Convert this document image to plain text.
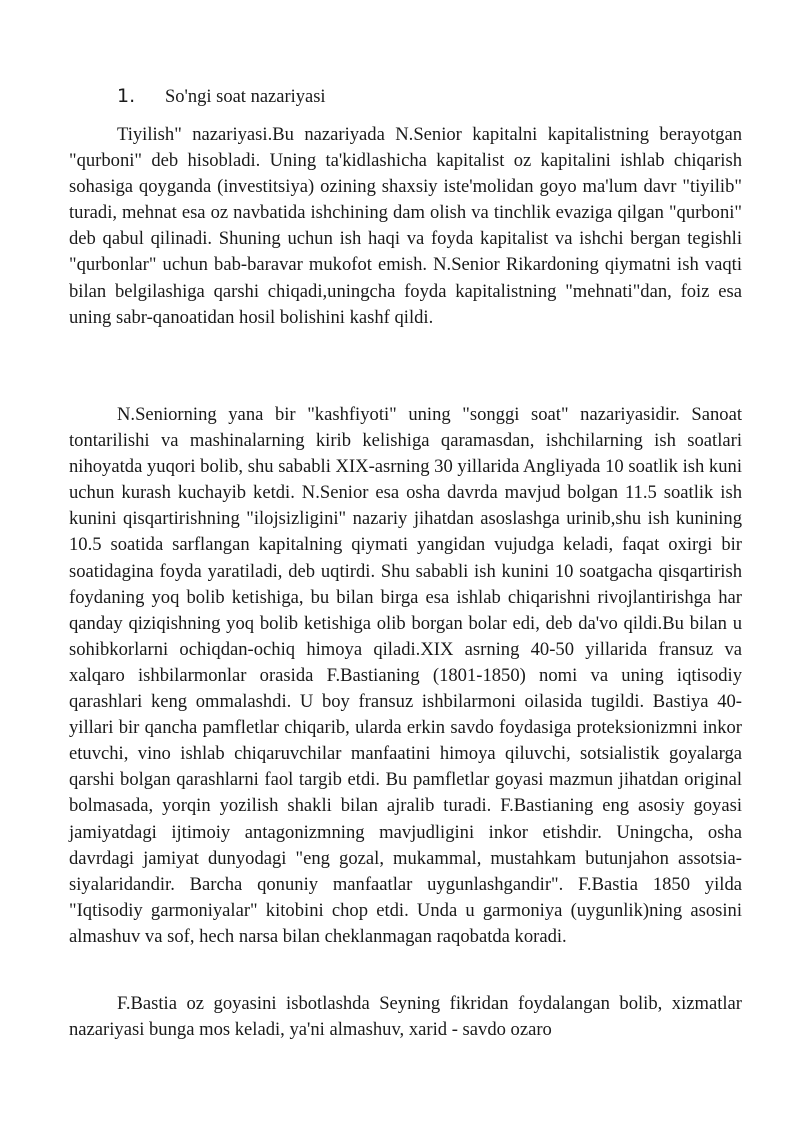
1. So'ngi soat nazariyasi

Tiyilish" nazariyasi.Bu nazariyada N.Senior kapitalni kapitalistning berayotgan "qurboni" deb hisobladi. Uning ta'kidlashicha kapitalist oz kapitalini ishlab chiqarish sohasiga qoyganda (investitsiya) ozining shaxsiy iste'molidan goyo ma'lum davr "tiyilib" turadi, mehnat esa oz navbatida ishchining dam olish va tinchlik evaziga qilgan "qurboni" deb qabul qilinadi. Shuning uchun ish haqi va foyda kapitalist va ishchi bergan tegishli "qurbonlar" uchun bab-baravar mukofot emish. N.Senior Rikardoning qiymatni ish vaqti bilan belgilashiga qarshi chiqadi,uningcha foyda kapitalistning "mehnati"dan, foiz esa uning sabr-qanoatidan hosil bolishini kashf qildi.

N.Seniorning yana bir "kashfiyoti" uning "songgi soat" nazariyasidir. Sanoat tontarilishi va mashinalarning kirib kelishiga qaramasdan, ishchilarning ish soatlari nihoyatda yuqori bolib, shu sababli XIX-asrning 30 yillarida Angliyada 10 soatlik ish kuni uchun kurash kuchayib ketdi. N.Senior esa osha davrda mavjud bolgan 11.5 soatlik ish kunini qisqartirishning "ilojsizligini" nazariy jihatdan asoslashga urinib,shu ish kunining 10.5 soatida sarflangan kapitalning qiymati yangidan vujudga keladi, faqat oxirgi bir soatidagina foyda yaratiladi, deb uqtirdi. Shu sababli ish kunini 10 soatgacha qisqartirish foydaning yoq bolib ketishiga, bu bilan birga esa ishlab chiqarishni rivojlantirishga har qanday qiziqishning yoq bolib ketishiga olib borgan bolar edi, deb da'vo qildi.Bu bilan u sohibkorlarni ochiqdan-ochiq himoya qiladi.XIX asrning 40-50 yillarida fransuz va xalqaro ishbilarmonlar orasida F.Bastianing (1801-1850) nomi va uning iqtisodiy qarashlari keng ommalashdi. U boy fransuz ishbilarmoni oilasida tugildi. Bastiya 40-yillari bir qancha pamfletlar chiqarib, ularda erkin savdo foydasiga proteksionizmni inkor etuvchi, vino ishlab chiqaruvchilar manfaatini himoya qiluvchi, sotsialistik goyalarga qarshi bolgan qarashlarni faol targib etdi. Bu pamfletlar goyasi mazmun jihatdan original bolmasada, yorqin yozilish shakli bilan ajralib turadi. F.Bastianing eng asosiy goyasi jamiyatdagi ijtimoiy antagonizmning mavjudligini inkor etishdir. Uningcha, osha davrdagi jamiyat dunyodagi "eng gozal, mukammal, mustahkam butunjahon assotsia- siyalaridandir. Barcha qonuniy manfaatlar uygunlashgandir". F.Bastia 1850 yilda "Iqtisodiy garmoniyalar" kitobini chop etdi. Unda u garmoniya (uygunlik)ning asosini almashuv va sof, hech narsa bilan cheklanmagan raqobatda koradi.

F.Bastia oz goyasini isbotlashda Seyning fikridan foydalangan bolib, xizmatlar nazariyasi bunga mos keladi, ya'ni almashuv, xarid - savdo ozaro
